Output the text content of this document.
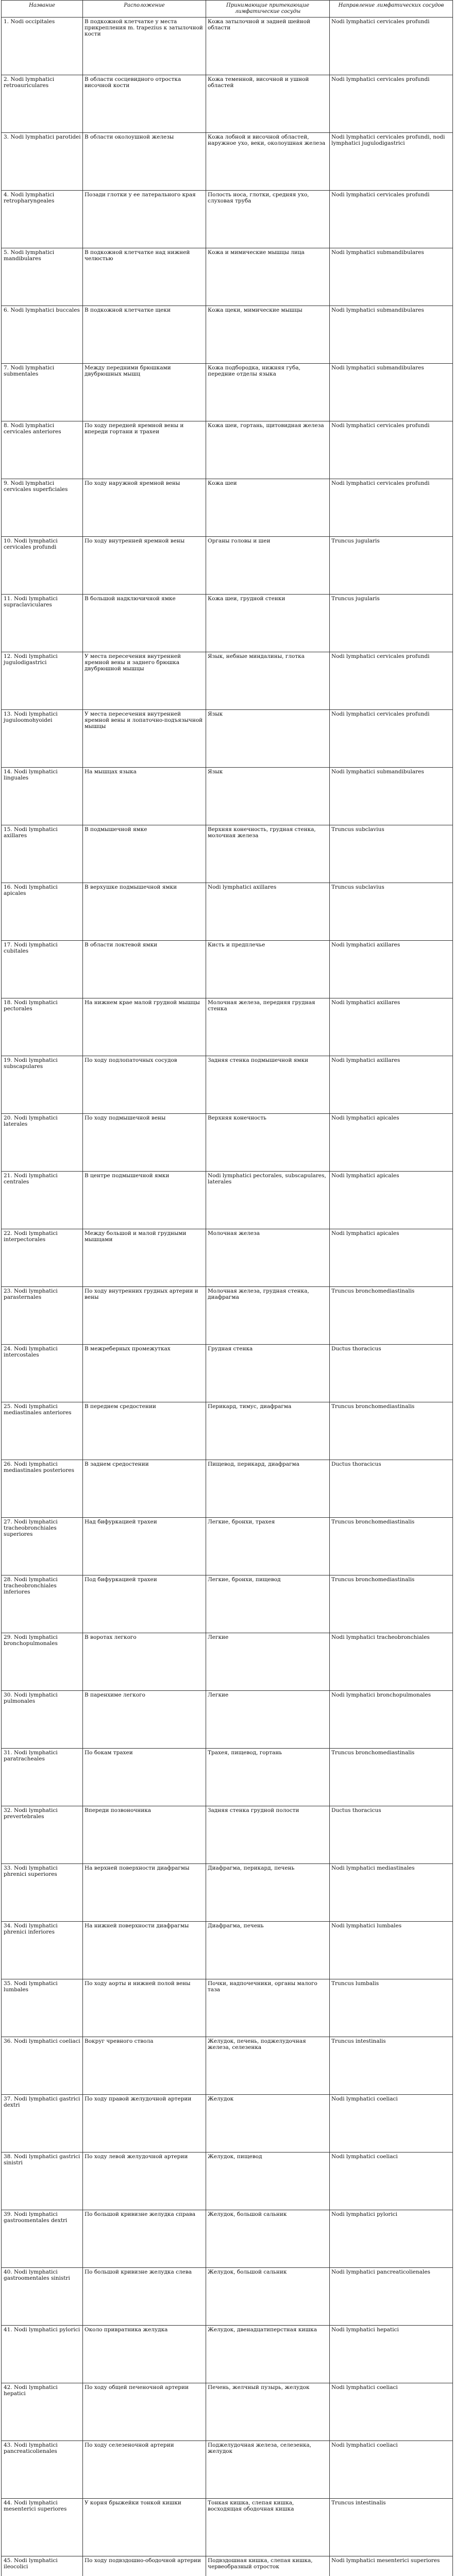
Название	Расположение	Принимающие притекающие лимфатические сосуды	Направление лимфатических сосудов
1. Nodi occipitales	В подкожной клетчатке у места прикрепления m. trapezius к затылочной кости	Кожа затылочной и задней шейной области	Nodi lymphatici cervicales profundi
2. Nodi lymphatici retroauriculares	В области сосцевидного отростка височной кости	Кожа теменной, височной и ушной областей	Nodi lymphatici cervicales profundi
3. Nodi lymphatici parotidei	В области околоушной железы	Кожа лобной и височной областей, наружное ухо, веки, околоушная железа	Nodi lymphatici cervicales profundi, nodi lymphatici jugulodigastrici
4. Nodi lymphatici retropharyngeales	Позади глотки у ее латерального края	Полость носа, глотки, средняя ухо, слуховая труба	Nodi lymphatici cervicales profundi
5. Nodi lymphatici mandibulares	В подкожной клетчатке над нижней челюстью	Кожа и мимические мышцы лица	Nodi lymphatici submandibulares
6. Nodi lymphatici buccales	В подкожной клетчатке щеки	Кожа щеки, мимические мышцы	Nodi lymphatici submandibulares
7. Nodi lymphatici submentales	Между передними брюшками двубрюшных мышц	Кожа подбородка, нижняя губа, передние отделы языка	Nodi lymphatici submandibulares
8. Nodi lymphatici cervicales anteriores	По ходу передней яремной вены и впереди гортани и трахеи	Кожа шеи, гортань, щитовидная железа	Nodi lymphatici cervicales profundi
9. Nodi lymphatici cervicales superficiales	По ходу наружной яремной вены	Кожа шеи	Nodi lymphatici cervicales profundi
10. Nodi lymphatici cervicales profundi	По ходу внутренней яремной вены	Органы головы и шеи	Truncus jugularis
11. Nodi lymphatici supraclaviculares	В большой надключичной ямке	Кожа шеи, грудной стенки	Truncus jugularis
12. Nodi lymphatici jugulodigastrici	У места пересечения внутренней яремной вены и заднего брюшка двубрюшной мышцы	Язык, небные миндалины, глотка	Nodi lymphatici cervicales profundi
13. Nodi lymphatici juguloomohyoidei	У места пересечения внутренней яремной вены и лопаточно-подъязычной мышцы	Язык	Nodi lymphatici cervicales profundi
14. Nodi lymphatici linguales	На мышцах языка	Язык	Nodi lymphatici submandibulares
15. Nodi lymphatici axillares	В подмышечной ямке	Верхняя конечность, грудная стенка, молочная железа	Truncus subclavius
16. Nodi lymphatici apicales	В верхушке подмышечной ямки	Nodi lymphatici axillares	Truncus subclavius
17. Nodi lymphatici cubitales	В области локтевой ямки	Кисть и предплечье	Nodi lymphatici axillares
18. Nodi lymphatici pectorales	На нижнем крае малой грудной мышцы	Молочная железа, передняя грудная стенка	Nodi lymphatici axillares
19. Nodi lymphatici subscapulares	По ходу подлопаточных сосудов	Задняя стенка подмышечной ямки	Nodi lymphatici axillares
20. Nodi lymphatici laterales	По ходу подмышечной вены	Верхняя конечность	Nodi lymphatici apicales
21. Nodi lymphatici centrales	В центре подмышечной ямки	Nodi lymphatici pectorales, subscapulares, laterales	Nodi lymphatici apicales
22. Nodi lymphatici interpectorales	Между большой и малой грудными мышцами	Молочная железа	Nodi lymphatici apicales
23. Nodi lymphatici parasternales	По ходу внутренних грудных артерии и вены	Молочная железа, грудная стенка, диафрагма	Truncus bronchomediastinalis
24. Nodi lymphatici intercostales	В межреберных промежутках	Грудная стенка	Ductus thoracicus
25. Nodi lymphatici mediastinales anteriores	В переднем средостении	Перикард, тимус, диафрагма	Truncus bronchomediastinalis
26. Nodi lymphatici mediastinales posteriores	В заднем средостении	Пищевод, перикард, диафрагма	Ductus thoracicus
27. Nodi lymphatici tracheobronchiales superiores	Над бифуркацией трахеи	Легкие, бронхи, трахея	Truncus bronchomediastinalis
28. Nodi lymphatici tracheobronchiales inferiores	Под бифуркацией трахеи	Легкие, бронхи, пищевод	Truncus bronchomediastinalis
29. Nodi lymphatici bronchopulmonales	В воротах легкого	Легкие	Nodi lymphatici tracheobronchiales
30. Nodi lymphatici pulmonales	В паренхиме легкого	Легкие	Nodi lymphatici bronchopulmonales
31. Nodi lymphatici paratracheales	По бокам трахеи	Трахея, пищевод, гортань	Truncus bronchomediastinalis
32. Nodi lymphatici prevertebrales	Впереди позвоночника	Задняя стенка грудной полости	Ductus thoracicus
33. Nodi lymphatici phrenici superiores	На верхней поверхности диафрагмы	Диафрагма, перикард, печень	Nodi lymphatici mediastinales
34. Nodi lymphatici phrenici inferiores	На нижней поверхности диафрагмы	Диафрагма, печень	Nodi lymphatici lumbales
35. Nodi lymphatici lumbales	По ходу аорты и нижней полой вены	Почки, надпочечники, органы малого таза	Truncus lumbalis
36. Nodi lymphatici coeliaci	Вокруг чревного ствола	Желудок, печень, поджелудочная железа, селезенка	Truncus intestinalis
37. Nodi lymphatici gastrici dextri	По ходу правой желудочной артерии	Желудок	Nodi lymphatici coeliaci
38. Nodi lymphatici gastrici sinistri	По ходу левой желудочной артерии	Желудок, пищевод	Nodi lymphatici coeliaci
39. Nodi lymphatici gastroomentales dextri	По большой кривизне желудка справа	Желудок, большой сальник	Nodi lymphatici pylorici
40. Nodi lymphatici gastroomentales sinistri	По большой кривизне желудка слева	Желудок, большой сальник	Nodi lymphatici pancreaticolienales
41. Nodi lymphatici pylorici	Около привратника желудка	Желудок, двенадцатиперстная кишка	Nodi lymphatici hepatici
42. Nodi lymphatici hepatici	По ходу общей печеночной артерии	Печень, желчный пузырь, желудок	Nodi lymphatici coeliaci
43. Nodi lymphatici pancreaticolienales	По ходу селезеночной артерии	Поджелудочная железа, селезенка, желудок	Nodi lymphatici coeliaci
44. Nodi lymphatici mesenterici superiores	У корня брыжейки тонкой кишки	Тонкая кишка, слепая кишка, восходящая ободочная кишка	Truncus intestinalis
45. Nodi lymphatici ileocolici	По ходу подвздошно-ободочной артерии	Подвздошная кишка, слепая кишка, червеобразный отросток	Nodi lymphatici mesenterici superiores
